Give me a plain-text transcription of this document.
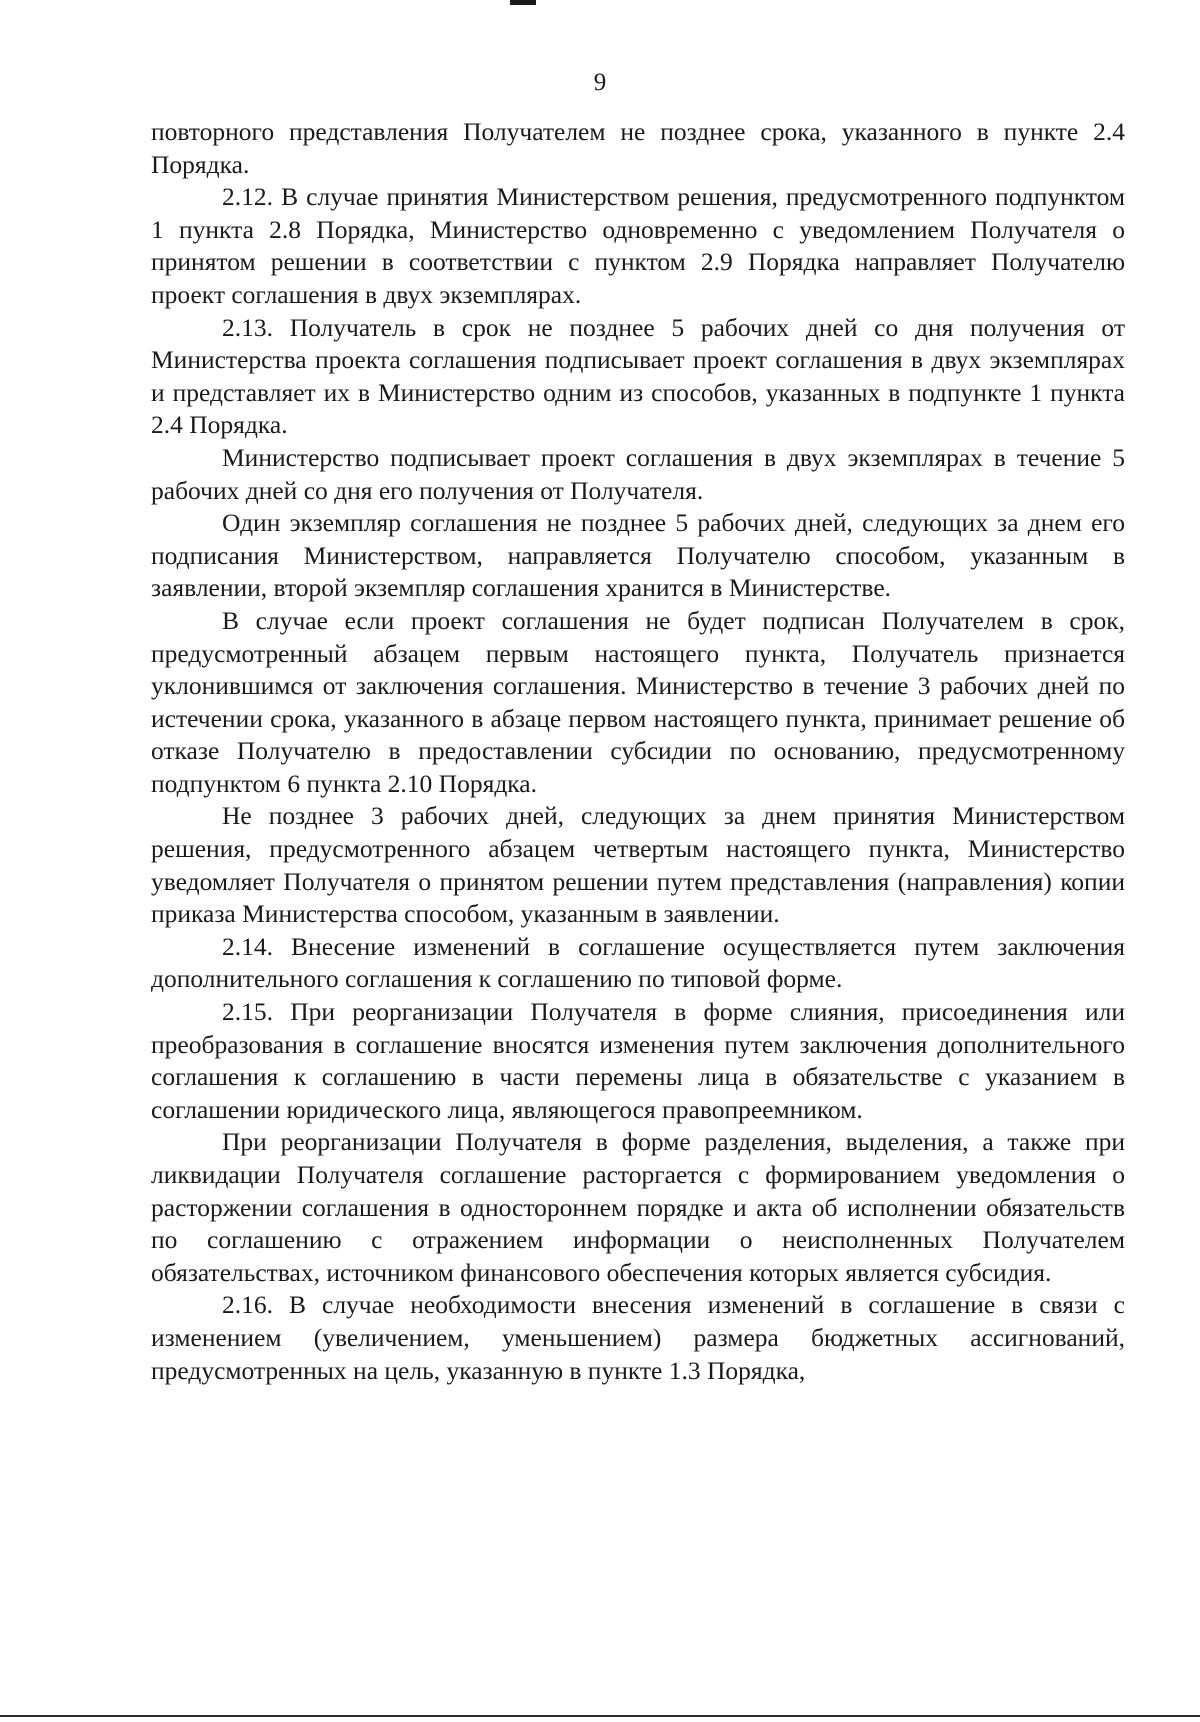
9

повторного представления Получателем не позднее срока, указанного в пункте 2.4 Порядка.

2.12. В случае принятия Министерством решения, предусмотренного подпунктом 1 пункта 2.8 Порядка, Министерство одновременно с уведомлением Получателя о принятом решении в соответствии с пунктом 2.9 Порядка направляет Получателю проект соглашения в двух экземплярах.

2.13. Получатель в срок не позднее 5 рабочих дней со дня получения от Министерства проекта соглашения подписывает проект соглашения в двух экземплярах и представляет их в Министерство одним из способов, указанных в подпункте 1 пункта 2.4 Порядка.

Министерство подписывает проект соглашения в двух экземплярах в течение 5 рабочих дней со дня его получения от Получателя.

Один экземпляр соглашения не позднее 5 рабочих дней, следующих за днем его подписания Министерством, направляется Получателю способом, указанным в заявлении, второй экземпляр соглашения хранится в Министерстве.

В случае если проект соглашения не будет подписан Получателем в срок, предусмотренный абзацем первым настоящего пункта, Получатель признается уклонившимся от заключения соглашения. Министерство в течение 3 рабочих дней по истечении срока, указанного в абзаце первом настоящего пункта, принимает решение об отказе Получателю в предоставлении субсидии по основанию, предусмотренному подпунктом 6 пункта 2.10 Порядка.

Не позднее 3 рабочих дней, следующих за днем принятия Министерством решения, предусмотренного абзацем четвертым настоящего пункта, Министерство уведомляет Получателя о принятом решении путем представления (направления) копии приказа Министерства способом, указанным в заявлении.

2.14. Внесение изменений в соглашение осуществляется путем заключения дополнительного соглашения к соглашению по типовой форме.

2.15. При реорганизации Получателя в форме слияния, присоединения или преобразования в соглашение вносятся изменения путем заключения дополнительного соглашения к соглашению в части перемены лица в обязательстве с указанием в соглашении юридического лица, являющегося правопреемником.

При реорганизации Получателя в форме разделения, выделения, а также при ликвидации Получателя соглашение расторгается с формированием уведомления о расторжении соглашения в одностороннем порядке и акта об исполнении обязательств по соглашению с отражением информации о неисполненных Получателем обязательствах, источником финансового обеспечения которых является субсидия.

2.16. В случае необходимости внесения изменений в соглашение в связи с изменением (увеличением, уменьшением) размера бюджетных ассигнований, предусмотренных на цель, указанную в пункте 1.3 Порядка,
